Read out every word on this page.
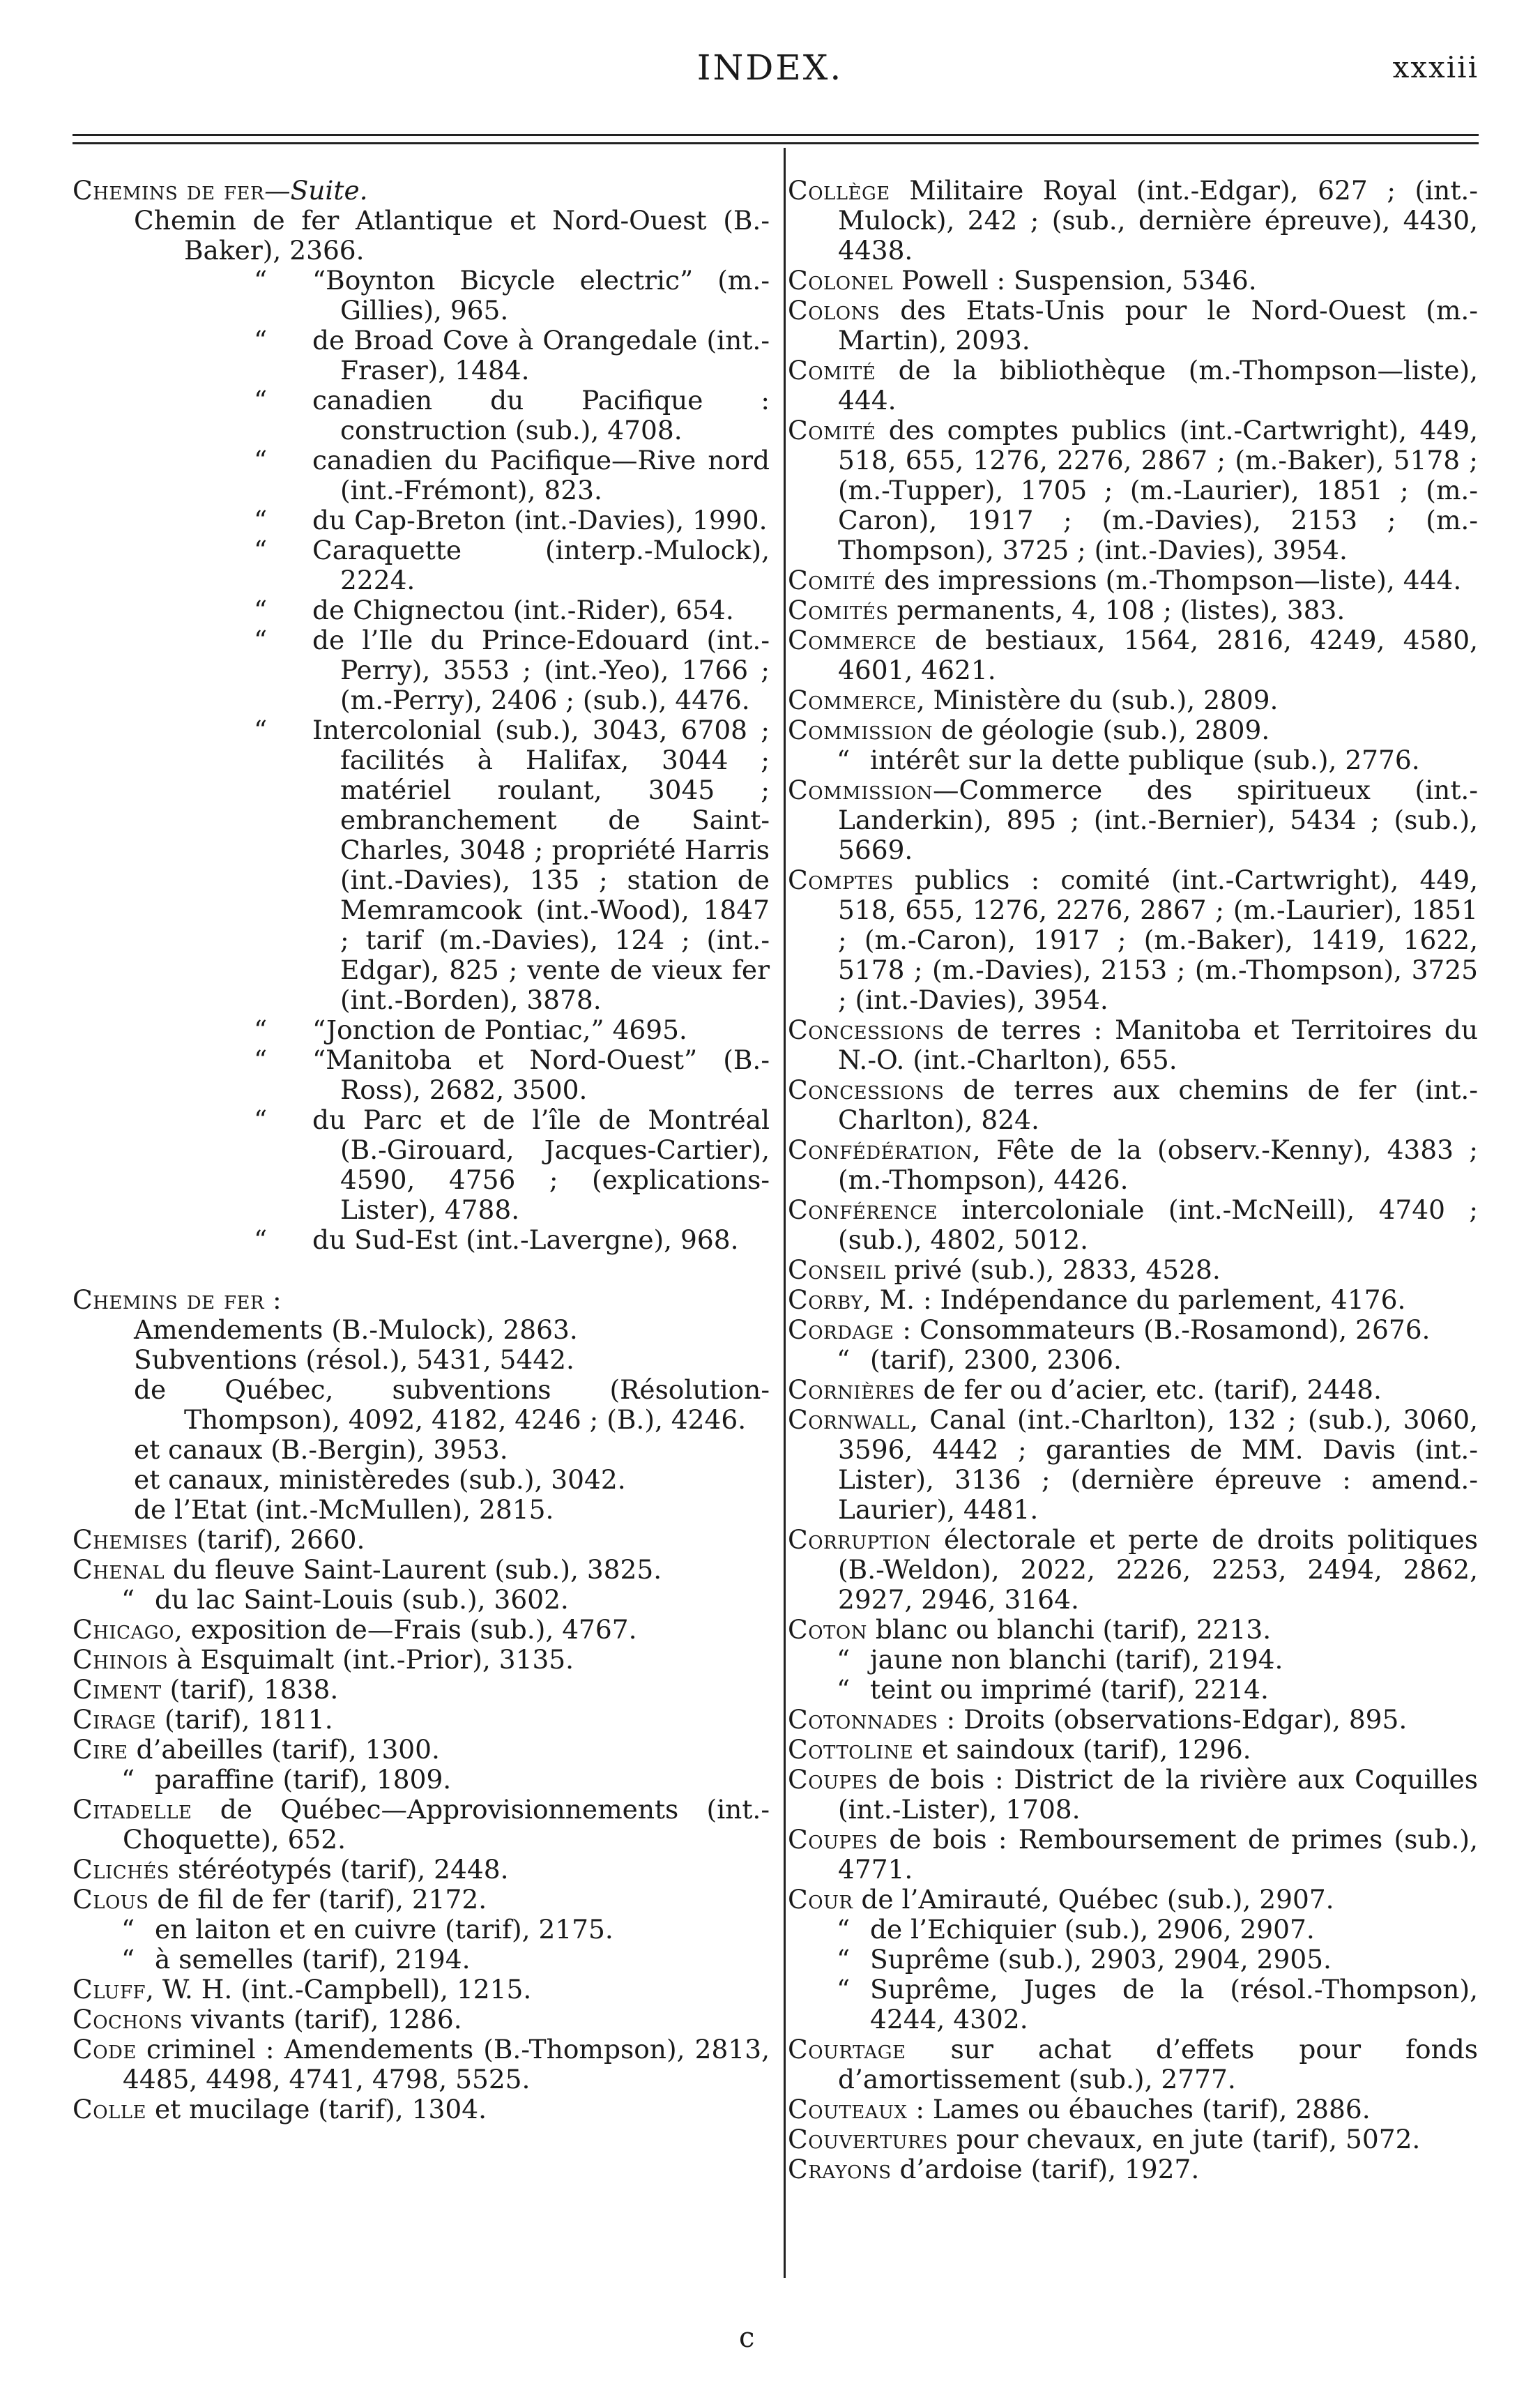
INDEX.	xxxiii

Chemins de fer—Suite.

Chemin de fer Atlantique et Nord-Ouest (B.-Baker), 2366.

“	“Boynton Bicycle electric” (m.-Gillies), 965.
“	de Broad Cove à Orangedale (int.-Fraser), 1484.
“	canadien du Pacifique : construction (sub.), 4708.
“	canadien du Pacifique—Rive nord (int.-Frémont), 823.
“	du Cap-Breton (int.-Davies), 1990.
“	Caraquette (interp.-Mulock), 2224.
“	de Chignectou (int.-Rider), 654.
“	de l’Ile du Prince-Edouard (int.-Perry), 3553 ; (int.-Yeo), 1766 ; (m.-Perry), 2406 ; (sub.), 4476.
“	Intercolonial (sub.), 3043, 6708 ; facilités à Halifax, 3044 ; matériel roulant, 3045 ; embranchement de Saint-Charles, 3048 ; propriété Harris (int.-Davies), 135 ; station de Memramcook (int.-Wood), 1847 ; tarif (m.-Davies), 124 ; (int.-Edgar), 825 ; vente de vieux fer (int.-Borden), 3878.
“	“Jonction de Pontiac,” 4695.
“	“Manitoba et Nord-Ouest” (B.-Ross), 2682, 3500.
“	du Parc et de l’île de Montréal (B.-Girouard, Jacques-Cartier), 4590, 4756 ; (explications-Lister), 4788.
“	du Sud-Est (int.-Lavergne), 968.

Chemins de fer :

Amendements (B.-Mulock), 2863.

Subventions (résol.), 5431, 5442.

de Québec, subventions (Résolution-Thompson), 4092, 4182, 4246 ; (B.), 4246.

et canaux (B.-Bergin), 3953.

et canaux, ministèredes (sub.), 3042.

de l’Etat (int.-McMullen), 2815.

Chemises (tarif), 2660.

Chenal du fleuve Saint-Laurent (sub.), 3825.

“ du lac Saint-Louis (sub.), 3602.

Chicago, exposition de—Frais (sub.), 4767.

Chinois à Esquimalt (int.-Prior), 3135.

Ciment (tarif), 1838.

Cirage (tarif), 1811.

Cire d’abeilles (tarif), 1300.

“ paraffine (tarif), 1809.

Citadelle de Québec—Approvisionnements (int.-Choquette), 652.

Clichés stéréotypés (tarif), 2448.

Clous de fil de fer (tarif), 2172.

“ en laiton et en cuivre (tarif), 2175.

“ à semelles (tarif), 2194.

Cluff, W. H. (int.-Campbell), 1215.

Cochons vivants (tarif), 1286.

Code criminel : Amendements (B.-Thompson), 2813, 4485, 4498, 4741, 4798, 5525.

Colle et mucilage (tarif), 1304.

Collège Militaire Royal (int.-Edgar), 627 ; (int.-Mulock), 242 ; (sub., dernière épreuve), 4430, 4438.

Colonel Powell : Suspension, 5346.

Colons des Etats-Unis pour le Nord-Ouest (m.-Martin), 2093.

Comité de la bibliothèque (m.-Thompson—liste), 444.

Comité des comptes publics (int.-Cartwright), 449, 518, 655, 1276, 2276, 2867 ; (m.-Baker), 5178 ; (m.-Tupper), 1705 ; (m.-Laurier), 1851 ; (m.-Caron), 1917 ; (m.-Davies), 2153 ; (m.-Thompson), 3725 ; (int.-Davies), 3954.

Comité des impressions (m.-Thompson—liste), 444.

Comités permanents, 4, 108 ; (listes), 383.

Commerce de bestiaux, 1564, 2816, 4249, 4580, 4601, 4621.

Commerce, Ministère du (sub.), 2809.

Commission de géologie (sub.), 2809.

“ intérêt sur la dette publique (sub.), 2776.

Commission—Commerce des spiritueux (int.-Landerkin), 895 ; (int.-Bernier), 5434 ; (sub.), 5669.

Comptes publics : comité (int.-Cartwright), 449, 518, 655, 1276, 2276, 2867 ; (m.-Laurier), 1851 ; (m.-Caron), 1917 ; (m.-Baker), 1419, 1622, 5178 ; (m.-Davies), 2153 ; (m.-Thompson), 3725 ; (int.-Davies), 3954.

Concessions de terres : Manitoba et Territoires du N.-O. (int.-Charlton), 655.

Concessions de terres aux chemins de fer (int.-Charlton), 824.

Confédération, Fête de la (observ.-Kenny), 4383 ; (m.-Thompson), 4426.

Conférence intercoloniale (int.-McNeill), 4740 ; (sub.), 4802, 5012.

Conseil privé (sub.), 2833, 4528.

Corby, M. : Indépendance du parlement, 4176.

Cordage : Consommateurs (B.-Rosamond), 2676.

“ (tarif), 2300, 2306.

Cornières de fer ou d’acier, etc. (tarif), 2448.

Cornwall, Canal (int.-Charlton), 132 ; (sub.), 3060, 3596, 4442 ; garanties de MM. Davis (int.-Lister), 3136 ; (dernière épreuve : amend.-Laurier), 4481.

Corruption électorale et perte de droits politiques (B.-Weldon), 2022, 2226, 2253, 2494, 2862, 2927, 2946, 3164.

Coton blanc ou blanchi (tarif), 2213.

“ jaune non blanchi (tarif), 2194.

“ teint ou imprimé (tarif), 2214.

Cotonnades : Droits (observations-Edgar), 895.

Cottoline et saindoux (tarif), 1296.

Coupes de bois : District de la rivière aux Coquilles (int.-Lister), 1708.

Coupes de bois : Remboursement de primes (sub.), 4771.

Cour de l’Amirauté, Québec (sub.), 2907.

“ de l’Echiquier (sub.), 2906, 2907.

“ Suprême (sub.), 2903, 2904, 2905.

“ Suprême, Juges de la (résol.-Thompson), 4244, 4302.

Courtage sur achat d’effets pour fonds d’amortissement (sub.), 2777.

Couteaux : Lames ou ébauches (tarif), 2886.

Couvertures pour chevaux, en jute (tarif), 5072.

Crayons d’ardoise (tarif), 1927.

c
